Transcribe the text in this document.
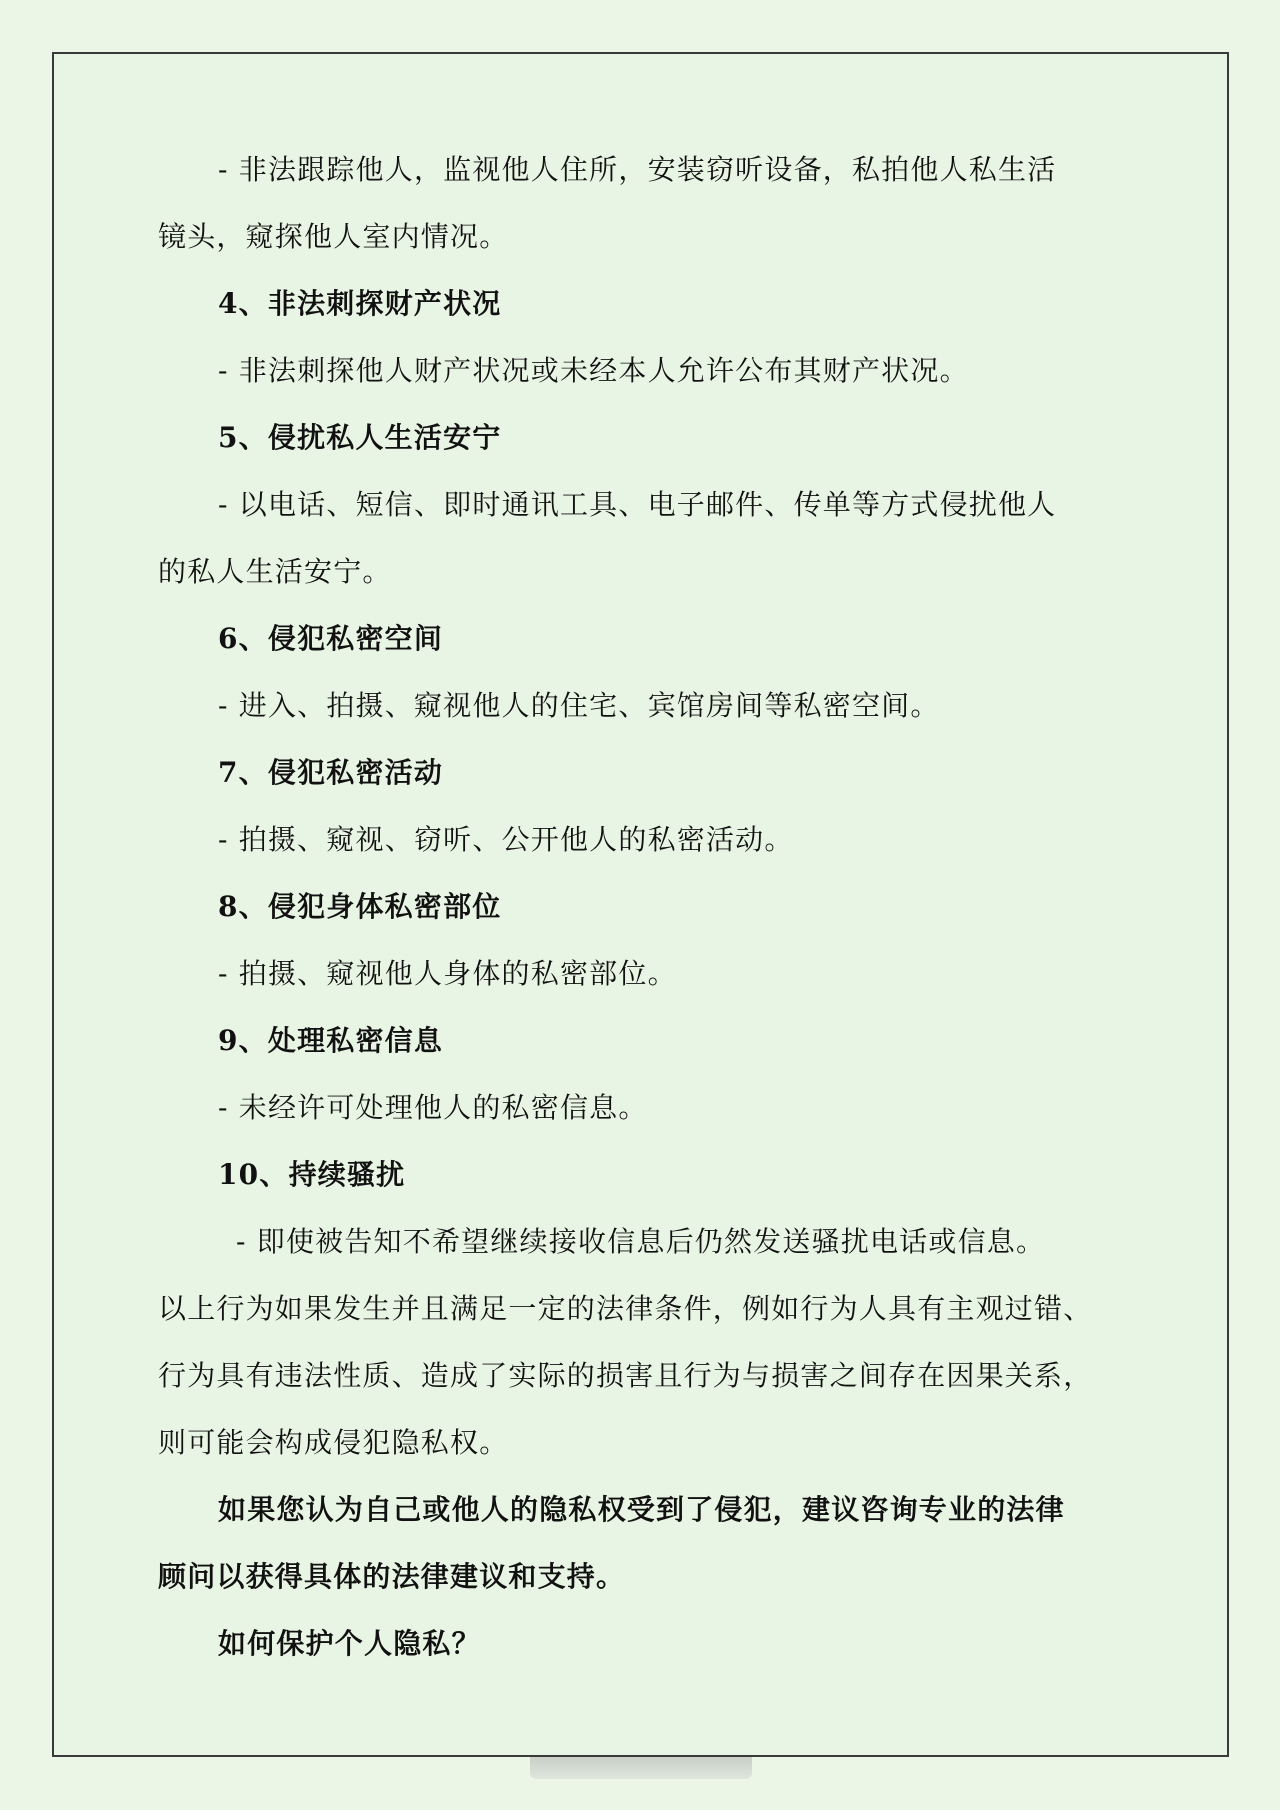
- 非法跟踪他人，监视他人住所，安装窃听设备，私拍他人私生活
镜头，窥探他人室内情况。
4、非法刺探财产状况
- 非法刺探他人财产状况或未经本人允许公布其财产状况。
5、侵扰私人生活安宁
- 以电话、短信、即时通讯工具、电子邮件、传单等方式侵扰他人
的私人生活安宁。
6、侵犯私密空间
- 进入、拍摄、窥视他人的住宅、宾馆房间等私密空间。
7、侵犯私密活动
- 拍摄、窥视、窃听、公开他人的私密活动。
8、侵犯身体私密部位
- 拍摄、窥视他人身体的私密部位。
9、处理私密信息
- 未经许可处理他人的私密信息。
10、持续骚扰
- 即使被告知不希望继续接收信息后仍然发送骚扰电话或信息。
以上行为如果发生并且满足一定的法律条件，例如行为人具有主观过错、
行为具有违法性质、造成了实际的损害且行为与损害之间存在因果关系，
则可能会构成侵犯隐私权。
如果您认为自己或他人的隐私权受到了侵犯，建议咨询专业的法律
顾问以获得具体的法律建议和支持。
如何保护个人隐私？
